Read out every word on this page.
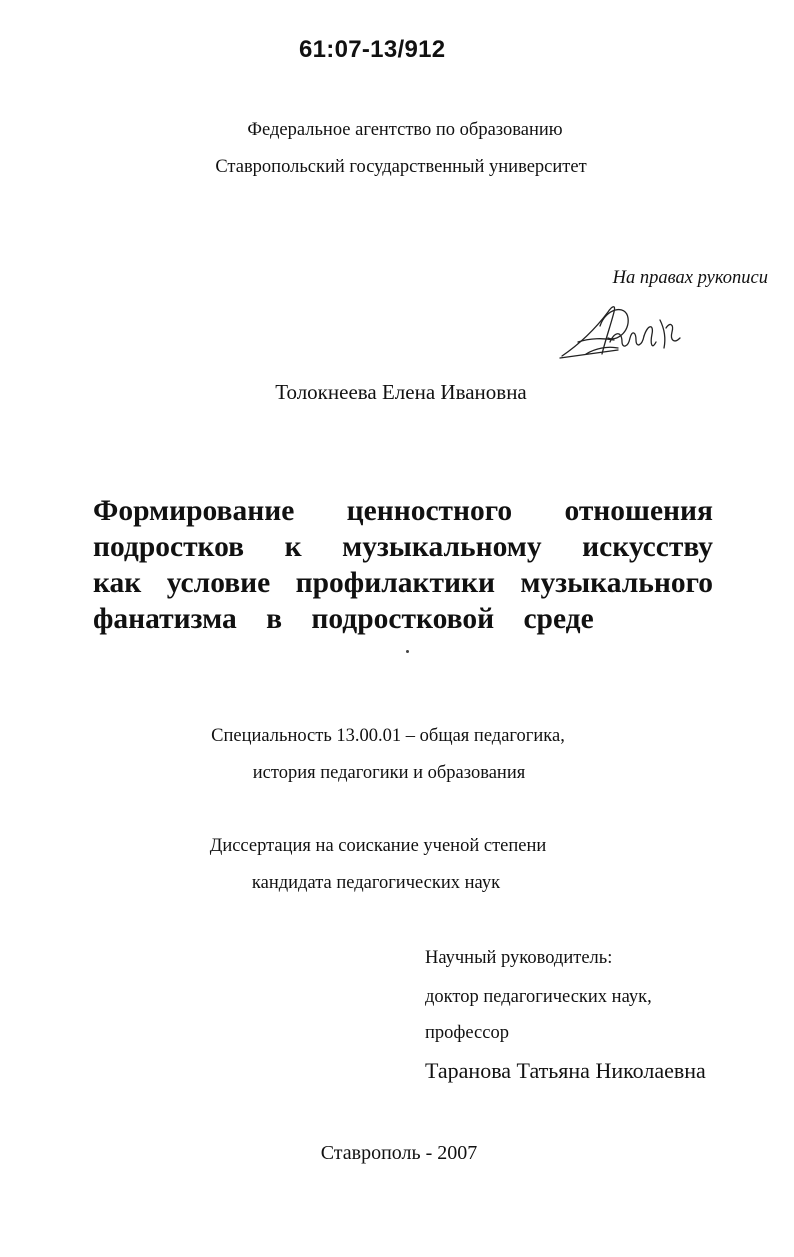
61:07-13/912
Федеральное агентство по образованию
Ставропольский государственный университет
На правах рукописи
Толокнеева Елена Ивановна
Формирование ценностного отношения
подростков к музыкальному искусству
как условие профилактики музыкального
фанатизма в подростковой среде
Специальность 13.00.01 – общая педагогика,
история педагогики и образования
Диссертация на соискание ученой степени
кандидата педагогических наук
Научный руководитель:
доктор педагогических наук,
профессор
Таранова Татьяна Николаевна
Ставрополь - 2007
